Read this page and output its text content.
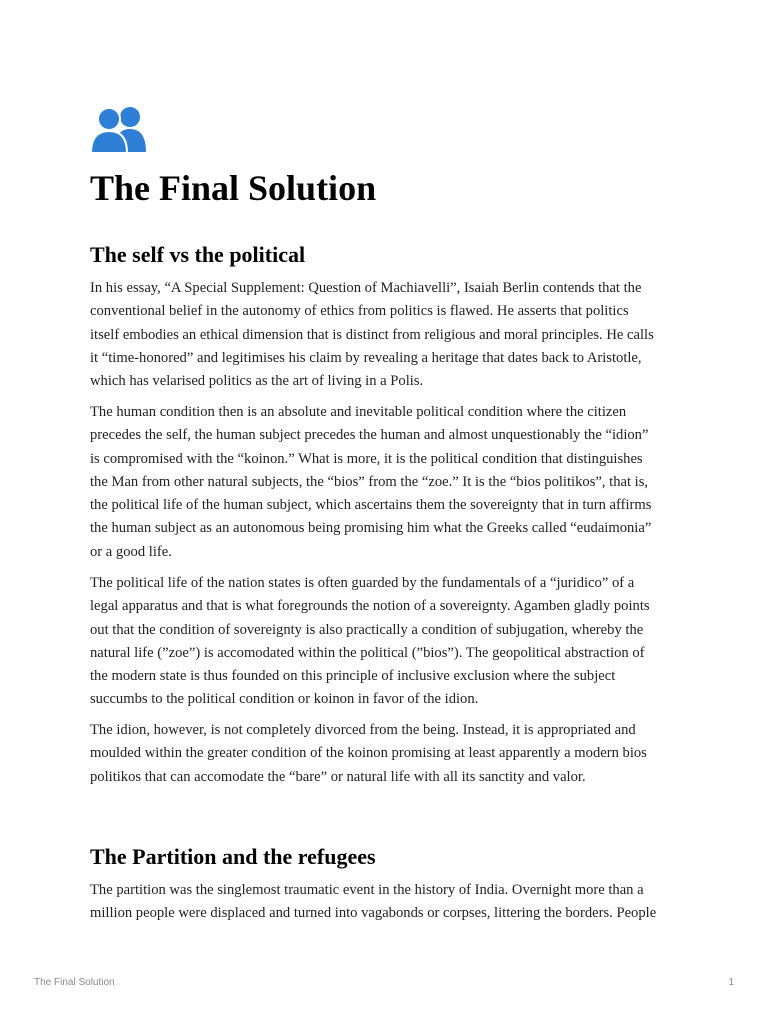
The Final Solution
The self vs the political

In his essay, “A Special Supplement: Question of Machiavelli”, Isaiah Berlin contends that the
conventional belief in the autonomy of ethics from politics is flawed. He asserts that politics
itself embodies an ethical dimension that is distinct from religious and moral principles. He calls
it “time-honored” and legitimises his claim by revealing a heritage that dates back to Aristotle,
which has velarised politics as the art of living in a Polis.

The human condition then is an absolute and inevitable political condition where the citizen
precedes the self, the human subject precedes the human and almost unquestionably the “idion”
is compromised with the “koinon.” What is more, it is the political condition that distinguishes
the Man from other natural subjects, the “bios” from the “zoe.” It is the “bios politikos”, that is,
the political life of the human subject, which ascertains them the sovereignty that in turn affirms
the human subject as an autonomous being promising him what the Greeks called “eudaimonia”
or a good life.

The political life of the nation states is often guarded by the fundamentals of a “juridico” of a
legal apparatus and that is what foregrounds the notion of a sovereignty. Agamben gladly points
out that the condition of sovereignty is also practically a condition of subjugation, whereby the
natural life (”zoe”) is accomodated within the political (”bios”). The geopolitical abstraction of
the modern state is thus founded on this principle of inclusive exclusion where the subject
succumbs to the political condition or koinon in favor of the idion.

The idion, however, is not completely divorced from the being. Instead, it is appropriated and
moulded within the greater condition of the koinon promising at least apparently a modern bios
politikos that can accomodate the “bare” or natural life with all its sanctity and valor.

The Partition and the refugees

The partition was the singlemost traumatic event in the history of India. Overnight more than a
million people were displaced and turned into vagabonds or corpses, littering the borders. People

The Final Solution	1
